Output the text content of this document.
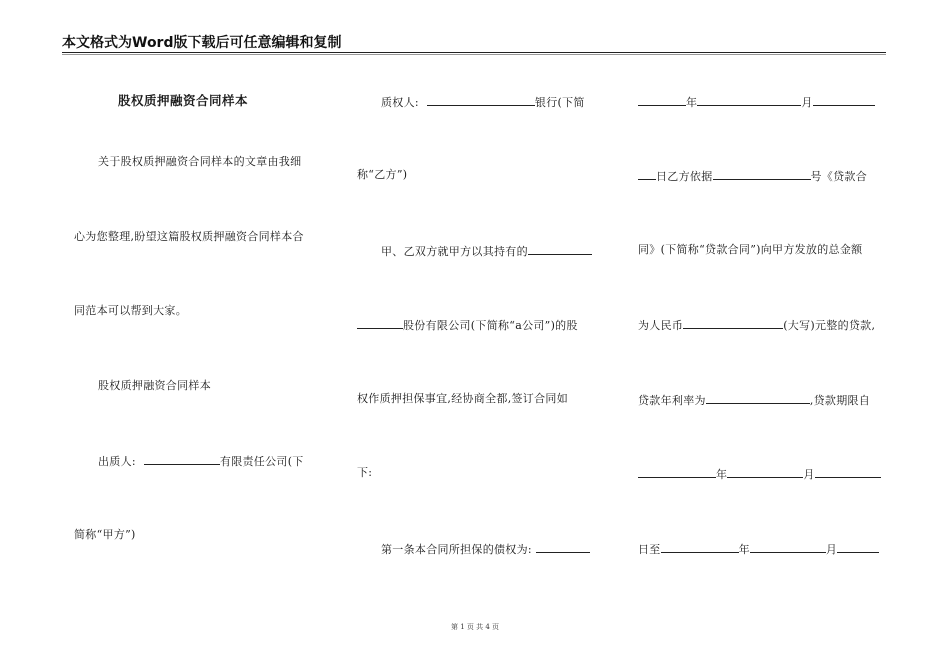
本文格式为Word版下载后可任意编辑和复制
股权质押融资合同样本
关于股权质押融资合同样本的文章由我细
心为您整理,盼望这篇股权质押融资合同样本合
同范本可以帮到大家。
股权质押融资合同样本
出质人:	有限责任公司(下
简称“甲方”)
质权人:	银行(下简
称“乙方”)
甲、乙双方就甲方以其持有的
股份有限公司(下简称“a公司”)的股
权作质押担保事宜,经协商全都,签订合同如
下:
第一条本合同所担保的债权为:
年	月
日乙方依据	号《贷款合
同》(下简称“贷款合同”)向甲方发放的总金额
为人民币	(大写)元整的贷款,
贷款年利率为	,贷款期限自
年	月
日至	年	月
第 1 页 共 4 页
